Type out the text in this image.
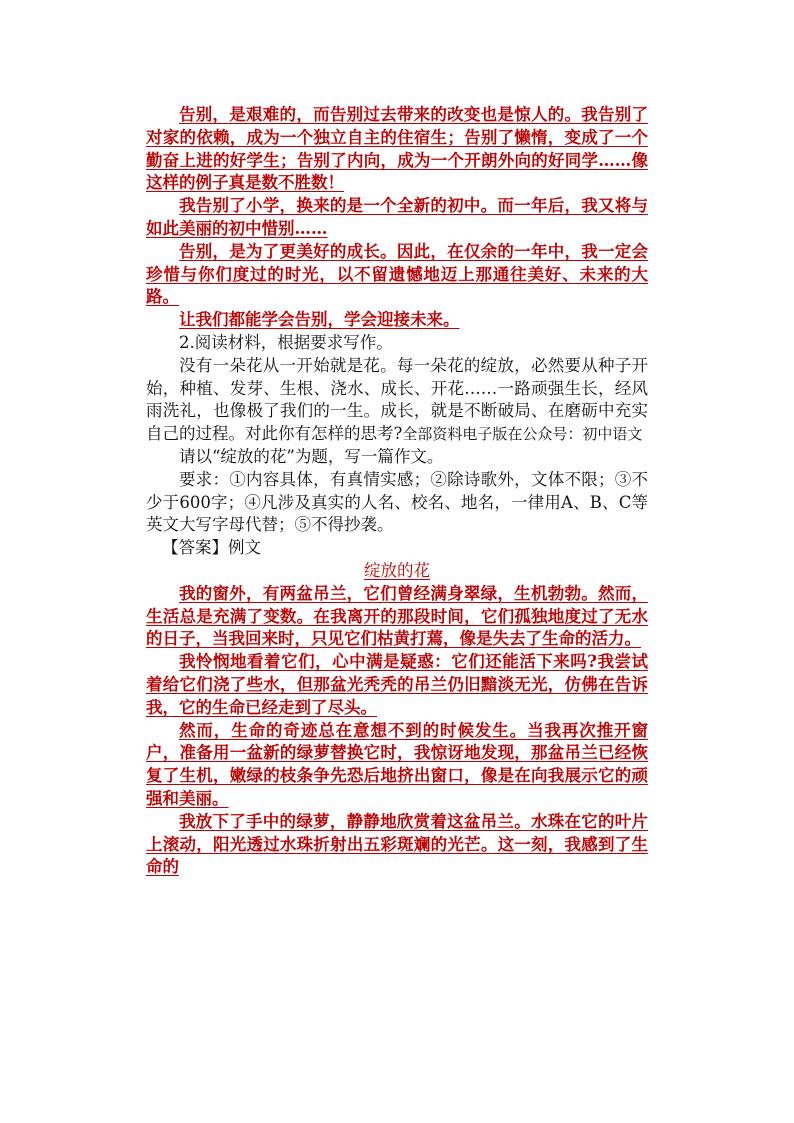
告别，是艰难的，而告别过去带来的改变也是惊人的。我告别了对家的依赖，成为一个独立自主的住宿生；告别了懒惰，变成了一个勤奋上进的好学生；告别了内向，成为一个开朗外向的好同学……像这样的例子真是数不胜数！

我告别了小学，换来的是一个全新的初中。而一年后，我又将与如此美丽的初中惜别……

告别，是为了更美好的成长。因此，在仅余的一年中，我一定会珍惜与你们度过的时光，以不留遗憾地迈上那通往美好、未来的大路。

让我们都能学会告别，学会迎接未来。

2.阅读材料，根据要求写作。

没有一朵花从一开始就是花。每一朵花的绽放，必然要从种子开始，种植、发芽、生根、浇水、成长、开花……一路顽强生长，经风雨洗礼，也像极了我们的一生。成长，就是不断破局、在磨砺中充实自己的过程。对此你有怎样的思考?全部资料电子版在公众号：初中语文

请以“绽放的花”为题，写一篇作文。

要求：①内容具体，有真情实感；②除诗歌外，文体不限；③不少于600字；④凡涉及真实的人名、校名、地名，一律用A、B、C等英文大写字母代替；⑤不得抄袭。

【答案】例文

绽放的花

我的窗外，有两盆吊兰，它们曾经满身翠绿，生机勃勃。然而，生活总是充满了变数。在我离开的那段时间，它们孤独地度过了无水的日子，当我回来时，只见它们枯黄打蔫，像是失去了生命的活力。

我怜悯地看着它们，心中满是疑惑：它们还能活下来吗?我尝试着给它们浇了些水，但那盆光秃秃的吊兰仍旧黯淡无光，仿佛在告诉我，它的生命已经走到了尽头。

然而，生命的奇迹总在意想不到的时候发生。当我再次推开窗户，准备用一盆新的绿萝替换它时，我惊讶地发现，那盆吊兰已经恢复了生机，嫩绿的枝条争先恐后地挤出窗口，像是在向我展示它的顽强和美丽。

我放下了手中的绿萝，静静地欣赏着这盆吊兰。水珠在它的叶片上滚动，阳光透过水珠折射出五彩斑斓的光芒。这一刻，我感到了生命的
